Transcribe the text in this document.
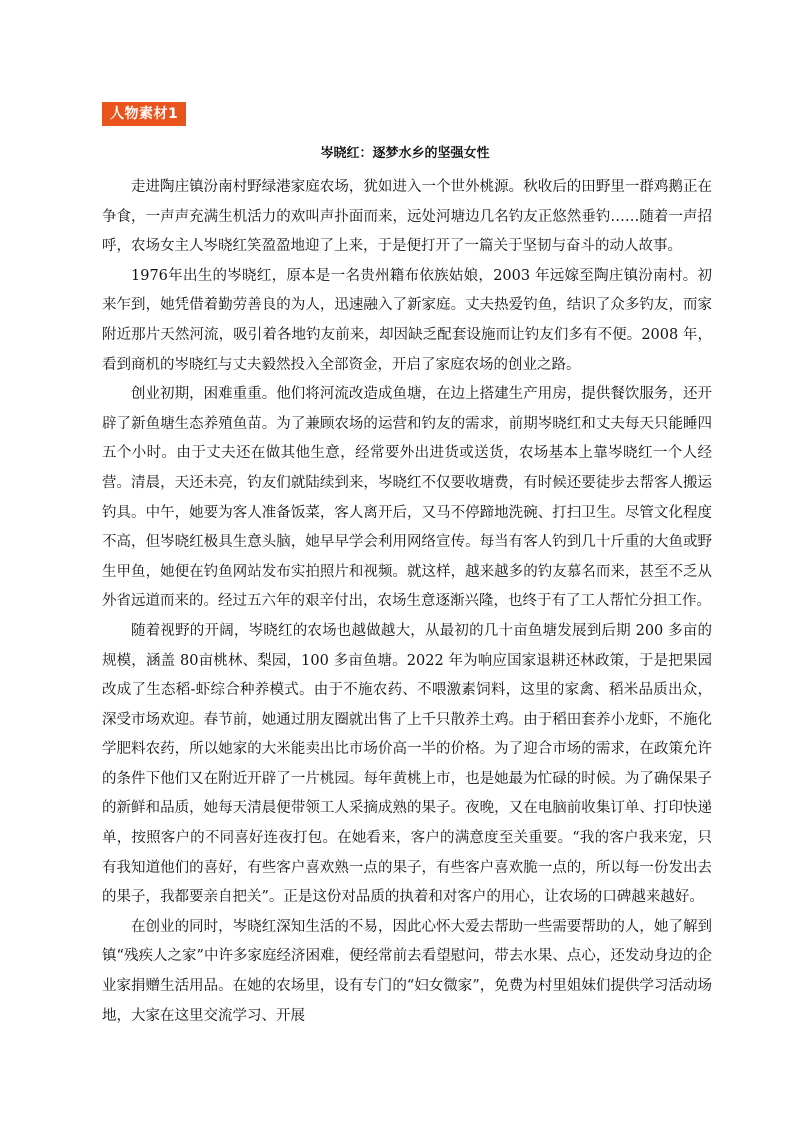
人物素材1
岑晓红：逐梦水乡的坚强女性

走进陶庄镇汾南村野绿港家庭农场，犹如进入一个世外桃源。秋收后的田野里一群鸡鹅正在争食，一声声充满生机活力的欢叫声扑面而来，远处河塘边几名钓友正悠然垂钓……随着一声招呼，农场女主人岑晓红笑盈盈地迎了上来，于是便打开了一篇关于坚韧与奋斗的动人故事。

1976年出生的岑晓红，原本是一名贵州籍布依族姑娘，2003 年远嫁至陶庄镇汾南村。初来乍到，她凭借着勤劳善良的为人，迅速融入了新家庭。丈夫热爱钓鱼，结识了众多钓友，而家附近那片天然河流，吸引着各地钓友前来，却因缺乏配套设施而让钓友们多有不便。2008 年，看到商机的岑晓红与丈夫毅然投入全部资金，开启了家庭农场的创业之路。

创业初期，困难重重。他们将河流改造成鱼塘，在边上搭建生产用房，提供餐饮服务，还开辟了新鱼塘生态养殖鱼苗。为了兼顾农场的运营和钓友的需求，前期岑晓红和丈夫每天只能睡四五个小时。由于丈夫还在做其他生意，经常要外出进货或送货，农场基本上靠岑晓红一个人经营。清晨，天还未亮，钓友们就陆续到来，岑晓红不仅要收塘费，有时候还要徒步去帮客人搬运钓具。中午，她要为客人准备饭菜，客人离开后，又马不停蹄地洗碗、打扫卫生。尽管文化程度不高，但岑晓红极具生意头脑，她早早学会利用网络宣传。每当有客人钓到几十斤重的大鱼或野生甲鱼，她便在钓鱼网站发布实拍照片和视频。就这样，越来越多的钓友慕名而来，甚至不乏从外省远道而来的。经过五六年的艰辛付出，农场生意逐渐兴隆，也终于有了工人帮忙分担工作。

随着视野的开阔，岑晓红的农场也越做越大，从最初的几十亩鱼塘发展到后期 200 多亩的规模，涵盖 80亩桃林、梨园，100 多亩鱼塘。2022 年为响应国家退耕还林政策，于是把果园改成了生态稻-虾综合种养模式。由于不施农药、不喂激素饲料，这里的家禽、稻米品质出众，深受市场欢迎。春节前，她通过朋友圈就出售了上千只散养土鸡。由于稻田套养小龙虾，不施化学肥料农药，所以她家的大米能卖出比市场价高一半的价格。为了迎合市场的需求，在政策允许的条件下他们又在附近开辟了一片桃园。每年黄桃上市，也是她最为忙碌的时候。为了确保果子的新鲜和品质，她每天清晨便带领工人采摘成熟的果子。夜晚，又在电脑前收集订单、打印快递单，按照客户的不同喜好连夜打包。在她看来，客户的满意度至关重要。“我的客户我来宠，只有我知道他们的喜好，有些客户喜欢熟一点的果子，有些客户喜欢脆一点的，所以每一份发出去的果子，我都要亲自把关”。正是这份对品质的执着和对客户的用心，让农场的口碑越来越好。

在创业的同时，岑晓红深知生活的不易，因此心怀大爱去帮助一些需要帮助的人，她了解到镇“残疾人之家”中许多家庭经济困难，便经常前去看望慰问，带去水果、点心，还发动身边的企业家捐赠生活用品。在她的农场里，设有专门的“妇女微家”，免费为村里姐妹们提供学习活动场地，大家在这里交流学习、开展
